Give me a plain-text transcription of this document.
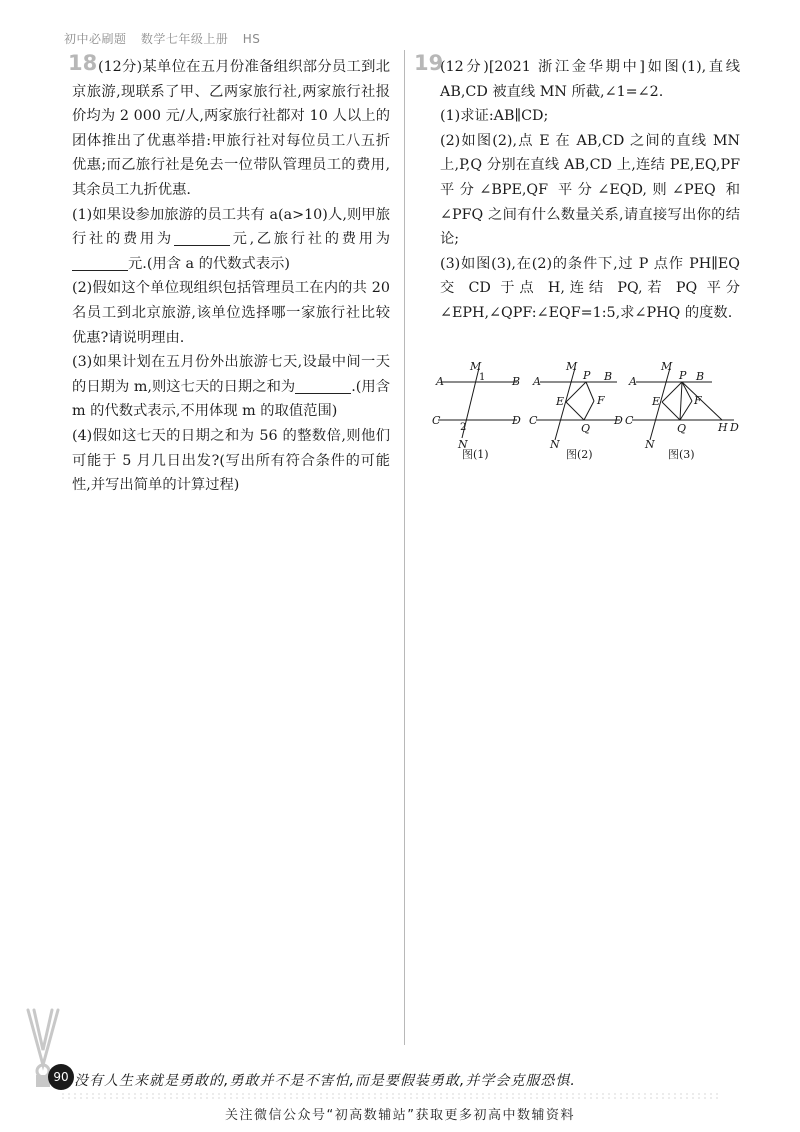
初中必刷题 数学七年级上册 HS
18 (12分)某单位在五月份准备组织部分员工到北京旅游,现联系了甲、乙两家旅行社,两家旅行社报价均为 2 000 元/人,两家旅行社都对 10 人以上的团体推出了优惠举措:甲旅行社对每位员工八五折优惠;而乙旅行社是免去一位带队管理员工的费用,其余员工九折优惠.

(1)如果设参加旅游的员工共有 a(a>10)人,则甲旅行社的费用为	元,乙旅行社的费用为元.(用含 a 的代数式表示)

(2)假如这个单位现组织包括管理员工在内的共 20 名员工到北京旅游,该单位选择哪一家旅行社比较优惠?请说明理由.

(3)如果计划在五月份外出旅游七天,设最中间一天的日期为 m,则这七天的日期之和为	.(用含 m 的代数式表示,不用体现 m 的取值范围)

(4)假如这七天的日期之和为 56 的整数倍,则他们可能于 5 月几日出发?(写出所有符合条件的可能性,并写出简单的计算过程)

19

(12分)[2021 浙江金华期中]如图(1),直线 AB,CD 被直线 MN 所截,∠1=∠2.

(1)求证:AB∥CD;

(2)如图(2),点 E 在 AB,CD 之间的直线 MN 上,P,Q 分别在直线 AB,CD 上,连结 PE,EQ,PF 平分∠BPE,QF 平分∠EQD,则∠PEQ 和∠PFQ 之间有什么数量关系,请直接写出你的结论;

(3)如图(3),在(2)的条件下,过 P 点作 PH∥EQ 交 CD 于点 H,连结 PQ,若 PQ 平分∠EPH,∠QPF:∠EQF=1:5,求∠PHQ 的度数.

A	B
C	D
M
N
1
2
A	B
C	D
M
N
P
Q
E	F
A	B
C
D
M
N
P
Q
E	F
H
图(1)	图(2)	图(3)
90 没有人生来就是勇敢的,勇敢并不是不害怕,而是要假装勇敢,并学会克服恐惧.
关注微信公众号“初高数辅站”获取更多初高中数辅资料
